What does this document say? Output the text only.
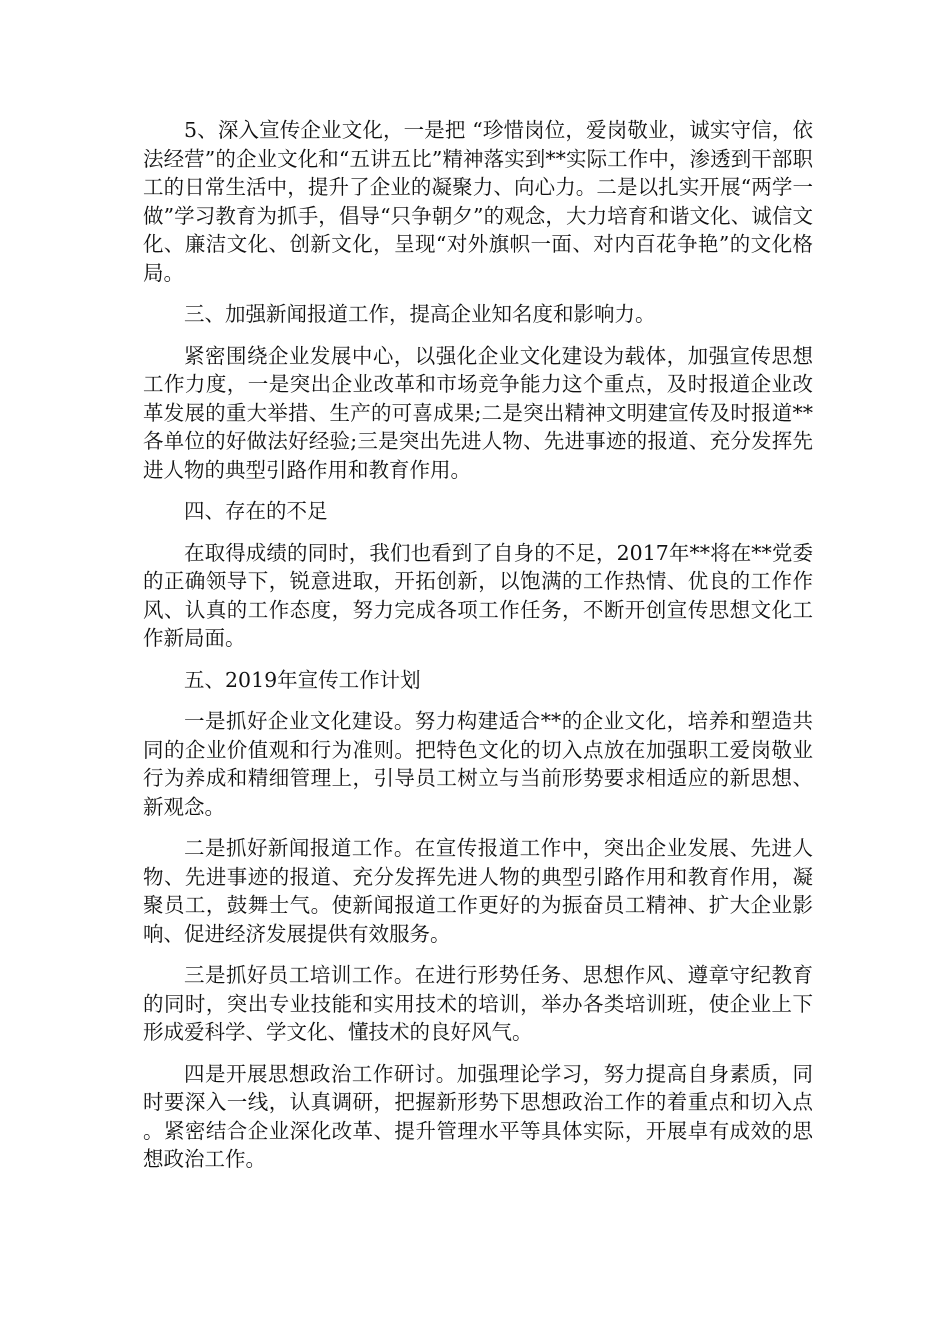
5、深入宣传企业文化，一是把 “珍惜岗位，爱岗敬业，诚实守信，依法经营”的企业文化和“五讲五比”精神落实到**实际工作中，渗透到干部职工的日常生活中，提升了企业的凝聚力、向心力。二是以扎实开展“两学一做”学习教育为抓手，倡导“只争朝夕”的观念，大力培育和谐文化、诚信文化、廉洁文化、创新文化，呈现“对外旗帜一面、对内百花争艳”的文化格局。

三、加强新闻报道工作，提高企业知名度和影响力。

紧密围绕企业发展中心，以强化企业文化建设为载体，加强宣传思想工作力度，一是突出企业改革和市场竞争能力这个重点，及时报道企业改革发展的重大举措、生产的可喜成果;二是突出精神文明建宣传及时报道**各单位的好做法好经验;三是突出先进人物、先进事迹的报道、充分发挥先进人物的典型引路作用和教育作用。

四、存在的不足

在取得成绩的同时，我们也看到了自身的不足，2017年**将在**党委的正确领导下，锐意进取，开拓创新，以饱满的工作热情、优良的工作作风、认真的工作态度，努力完成各项工作任务，不断开创宣传思想文化工作新局面。

五、2019年宣传工作计划

一是抓好企业文化建设。努力构建适合**的企业文化，培养和塑造共同的企业价值观和行为准则。把特色文化的切入点放在加强职工爱岗敬业行为养成和精细管理上，引导员工树立与当前形势要求相适应的新思想、新观念。

二是抓好新闻报道工作。在宣传报道工作中，突出企业发展、先进人物、先进事迹的报道、充分发挥先进人物的典型引路作用和教育作用，凝聚员工，鼓舞士气。使新闻报道工作更好的为振奋员工精神、扩大企业影响、促进经济发展提供有效服务。

三是抓好员工培训工作。在进行形势任务、思想作风、遵章守纪教育的同时，突出专业技能和实用技术的培训，举办各类培训班，使企业上下形成爱科学、学文化、懂技术的良好风气。

四是开展思想政治工作研讨。加强理论学习，努力提高自身素质，同时要深入一线，认真调研，把握新形势下思想政治工作的着重点和切入点。紧密结合企业深化改革、提升管理水平等具体实际，开展卓有成效的思想政治工作。
